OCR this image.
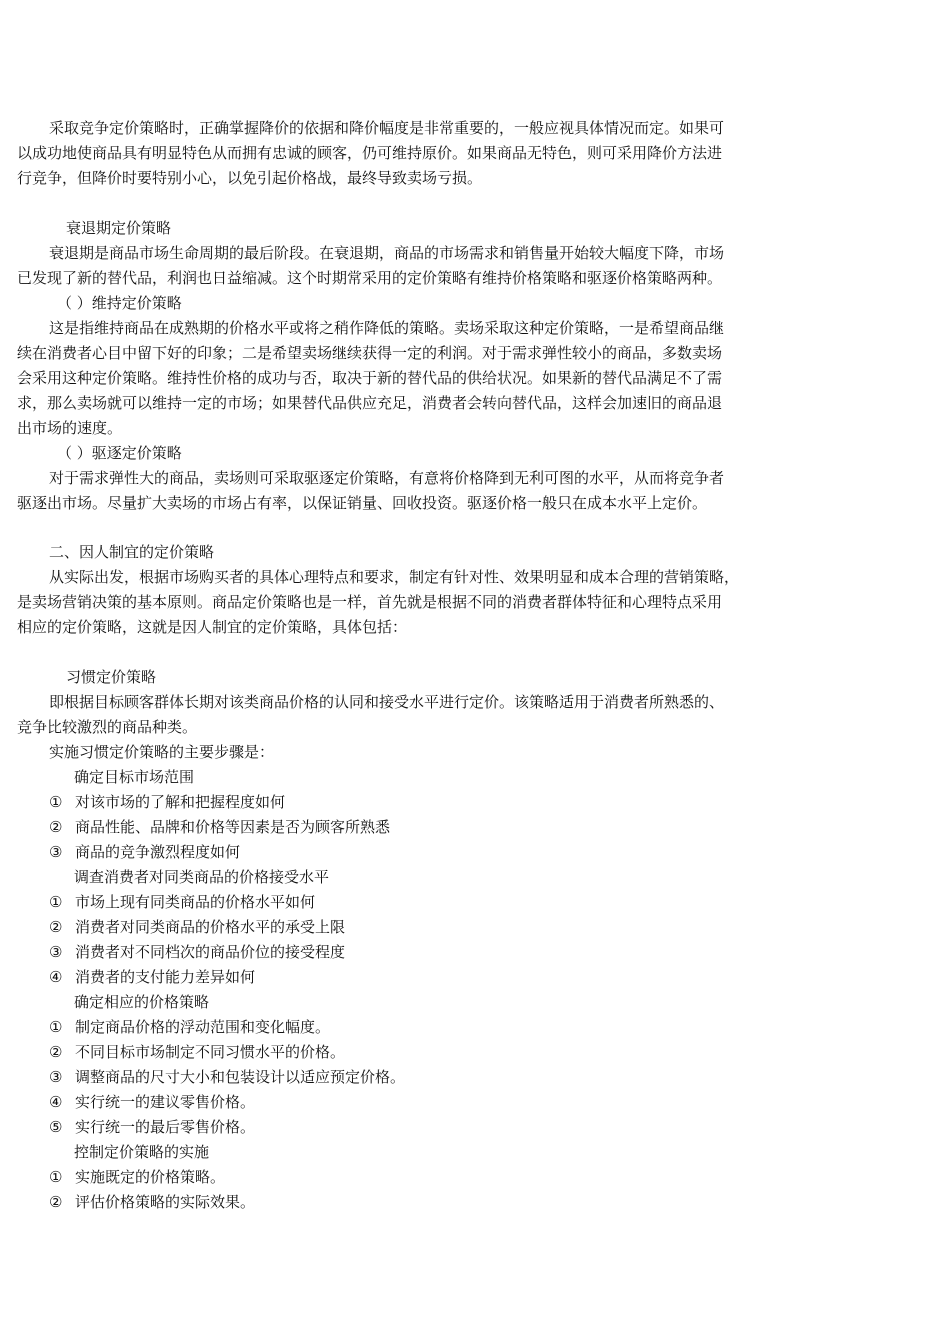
采取竞争定价策略时，正确掌握降价的依据和降价幅度是非常重要的，一般应视具体情况而定。如果可
以成功地使商品具有明显特色从而拥有忠诚的顾客，仍可维持原价。如果商品无特色，则可采用降价方法进
行竞争，但降价时要特别小心，以免引起价格战，最终导致卖场亏损。
衰退期定价策略
衰退期是商品市场生命周期的最后阶段。在衰退期，商品的市场需求和销售量开始较大幅度下降，市场
已发现了新的替代品，利润也日益缩减。这个时期常采用的定价策略有维持价格策略和驱逐价格策略两种。
（ ）维持定价策略
这是指维持商品在成熟期的价格水平或将之稍作降低的策略。卖场采取这种定价策略，一是希望商品继
续在消费者心目中留下好的印象；二是希望卖场继续获得一定的利润。对于需求弹性较小的商品，多数卖场
会采用这种定价策略。维持性价格的成功与否，取决于新的替代品的供给状况。如果新的替代品满足不了需
求，那么卖场就可以维持一定的市场；如果替代品供应充足，消费者会转向替代品，这样会加速旧的商品退
出市场的速度。
（ ）驱逐定价策略
对于需求弹性大的商品，卖场则可采取驱逐定价策略，有意将价格降到无利可图的水平，从而将竞争者
驱逐出市场。尽量扩大卖场的市场占有率，以保证销量、回收投资。驱逐价格一般只在成本水平上定价。
二、因人制宜的定价策略
从实际出发，根据市场购买者的具体心理特点和要求，制定有针对性、效果明显和成本合理的营销策略，
是卖场营销决策的基本原则。商品定价策略也是一样，首先就是根据不同的消费者群体特征和心理特点采用
相应的定价策略，这就是因人制宜的定价策略，具体包括：
习惯定价策略
即根据目标顾客群体长期对该类商品价格的认同和接受水平进行定价。该策略适用于消费者所熟悉的、
竞争比较激烈的商品种类。
实施习惯定价策略的主要步骤是：
确定目标市场范围
① 对该市场的了解和把握程度如何
② 商品性能、品牌和价格等因素是否为顾客所熟悉
③ 商品的竞争激烈程度如何
调查消费者对同类商品的价格接受水平
① 市场上现有同类商品的价格水平如何
② 消费者对同类商品的价格水平的承受上限
③ 消费者对不同档次的商品价位的接受程度
④ 消费者的支付能力差异如何
确定相应的价格策略
① 制定商品价格的浮动范围和变化幅度。
② 不同目标市场制定不同习惯水平的价格。
③ 调整商品的尺寸大小和包装设计以适应预定价格。
④ 实行统一的建议零售价格。
⑤ 实行统一的最后零售价格。
控制定价策略的实施
① 实施既定的价格策略。
② 评估价格策略的实际效果。
